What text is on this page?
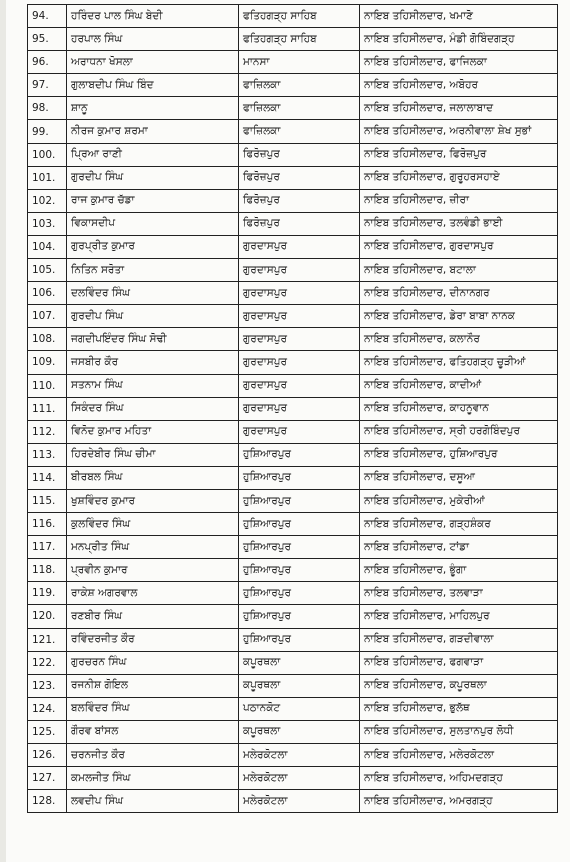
94.	ਹਰਿੰਦਰ ਪਾਲ ਸਿੰਘ ਬੇਦੀ	ਫਤਿਹਗੜ੍ਹ ਸਾਹਿਬ	ਨਾਇਬ ਤਹਿਸੀਲਦਾਰ, ਖਮਾਣੋ
95.	ਹਰਪਾਲ ਸਿੰਘ	ਫਤਿਹਗੜ੍ਹ ਸਾਹਿਬ	ਨਾਇਬ ਤਹਿਸੀਲਦਾਰ, ਮੰਡੀ ਗੋਬਿੰਦਗੜ੍ਹ
96.	ਅਰਾਧਨਾ ਖੋਸਲਾ	ਮਾਨਸਾ	ਨਾਇਬ ਤਹਿਸੀਲਦਾਰ, ਫਾਜਿਲਕਾ
97.	ਗੁਲਾਬਦੀਪ ਸਿੰਘ ਬਿੰਦ	ਫਾਜ਼ਿਲਕਾ	ਨਾਇਬ ਤਹਿਸੀਲਦਾਰ, ਅਬੋਹਰ
98.	ਸ਼ਾਨੂ	ਫਾਜ਼ਿਲਕਾ	ਨਾਇਬ ਤਹਿਸੀਲਦਾਰ, ਜਲਾਲਾਬਾਦ
99.	ਨੀਰਜ ਕੁਮਾਰ ਸ਼ਰਮਾ	ਫਾਜ਼ਿਲਕਾ	ਨਾਇਬ ਤਹਿਸੀਲਦਾਰ, ਅਰਨੀਵਾਲਾ ਸ਼ੇਖ ਸੁਭਾਂ
100.	ਪ੍ਰਿਆ ਰਾਣੀ	ਫਿਰੋਜ਼ਪੁਰ	ਨਾਇਬ ਤਹਿਸੀਲਦਾਰ, ਫਿਰੋਜ਼ਪੁਰ
101.	ਗੁਰਦੀਪ ਸਿੰਘ	ਫਿਰੋਜ਼ਪੁਰ	ਨਾਇਬ ਤਹਿਸੀਲਦਾਰ, ਗੁਰੂਹਰਸਹਾਏ
102.	ਰਾਜ ਕੁਮਾਰ ਚੱਡਾ	ਫਿਰੋਜ਼ਪੁਰ	ਨਾਇਬ ਤਹਿਸੀਲਦਾਰ, ਜ਼ੀਰਾ
103.	ਵਿਕਾਸਦੀਪ	ਫਿਰੋਜ਼ਪੁਰ	ਨਾਇਬ ਤਹਿਸੀਲਦਾਰ, ਤਲਵੰਡੀ ਭਾਈ
104.	ਗੁਰਪ੍ਰੀਤ ਕੁਮਾਰ	ਗੁਰਦਾਸਪੁਰ	ਨਾਇਬ ਤਹਿਸੀਲਦਾਰ, ਗੁਰਦਾਸਪੁਰ
105.	ਨਿਤਿਨ ਸਰੋਤਾ	ਗੁਰਦਾਸਪੁਰ	ਨਾਇਬ ਤਹਿਸੀਲਦਾਰ, ਬਟਾਲਾ
106.	ਦਲਵਿੰਦਰ ਸਿੰਘ	ਗੁਰਦਾਸਪੁਰ	ਨਾਇਬ ਤਹਿਸੀਲਦਾਰ, ਦੀਨਾਨਗਰ
107.	ਗੁਰਦੀਪ ਸਿੰਘ	ਗੁਰਦਾਸਪੁਰ	ਨਾਇਬ ਤਹਿਸੀਲਦਾਰ, ਡੇਰਾ ਬਾਬਾ ਨਾਨਕ
108.	ਜਗਦੀਪਇੰਦਰ ਸਿੰਘ ਸੋਢੀ	ਗੁਰਦਾਸਪੁਰ	ਨਾਇਬ ਤਹਿਸੀਲਦਾਰ, ਕਲਾਨੌਰ
109.	ਜਸਬੀਰ ਕੌਰ	ਗੁਰਦਾਸਪੁਰ	ਨਾਇਬ ਤਹਿਸੀਲਦਾਰ, ਫਤਿਹਗੜ੍ਹ ਚੂੜੀਆਂ
110.	ਸਤਨਾਮ ਸਿੰਘ	ਗੁਰਦਾਸਪੁਰ	ਨਾਇਬ ਤਹਿਸੀਲਦਾਰ, ਕਾਦੀਆਂ
111.	ਸਿਕੰਦਰ ਸਿੰਘ	ਗੁਰਦਾਸਪੁਰ	ਨਾਇਬ ਤਹਿਸੀਲਦਾਰ, ਕਾਹਨੂਵਾਨ
112.	ਵਿਨੋਦ ਕੁਮਾਰ ਮਹਿਤਾ	ਗੁਰਦਾਸਪੁਰ	ਨਾਇਬ ਤਹਿਸੀਲਦਾਰ, ਸ੍ਰੀ ਹਰਗੋਬਿੰਦਪੁਰ
113.	ਹਿਰਦੇਬੀਰ ਸਿੰਘ ਚੀਮਾ	ਹੁਸ਼ਿਆਰਪੁਰ	ਨਾਇਬ ਤਹਿਸੀਲਦਾਰ, ਹੁਸ਼ਿਆਰਪੁਰ
114.	ਬੀਰਬਲ ਸਿੰਘ	ਹੁਸ਼ਿਆਰਪੁਰ	ਨਾਇਬ ਤਹਿਸੀਲਦਾਰ, ਦਸੂਆ
115.	ਖੁਸ਼ਵਿੰਦਰ ਕੁਮਾਰ	ਹੁਸ਼ਿਆਰਪੁਰ	ਨਾਇਬ ਤਹਿਸੀਲਦਾਰ, ਮੁਕੇਰੀਆਂ
116.	ਕੁਲਵਿੰਦਰ ਸਿੰਘ	ਹੁਸ਼ਿਆਰਪੁਰ	ਨਾਇਬ ਤਹਿਸੀਲਦਾਰ, ਗੜ੍ਹਸ਼ੰਕਰ
117.	ਮਨਪ੍ਰੀਤ ਸਿੰਘ	ਹੁਸ਼ਿਆਰਪੁਰ	ਨਾਇਬ ਤਹਿਸੀਲਦਾਰ, ਟਾਂਡਾ
118.	ਪ੍ਰਵੀਨ ਕੁਮਾਰ	ਹੁਸ਼ਿਆਰਪੁਰ	ਨਾਇਬ ਤਹਿਸੀਲਦਾਰ, ਭੂੰਗਾ
119.	ਰਾਕੇਸ਼ ਅਗਰਵਾਲ	ਹੁਸ਼ਿਆਰਪੁਰ	ਨਾਇਬ ਤਹਿਸੀਲਦਾਰ, ਤਲਵਾੜਾ
120.	ਰਣਬੀਰ ਸਿੰਘ	ਹੁਸ਼ਿਆਰਪੁਰ	ਨਾਇਬ ਤਹਿਸੀਲਦਾਰ, ਮਾਹਿਲਪੁਰ
121.	ਰਵਿੰਦਰਜੀਤ ਕੌਰ	ਹੁਸ਼ਿਆਰਪੁਰ	ਨਾਇਬ ਤਹਿਸੀਲਦਾਰ, ਗੜਦੀਵਾਲਾ
122.	ਗੁਰਚਰਨ ਸਿੰਘ	ਕਪੂਰਥਲਾ	ਨਾਇਬ ਤਹਿਸੀਲਦਾਰ, ਫਗਵਾੜਾ
123.	ਰਜਨੀਸ਼ ਗੋਇਲ	ਕਪੂਰਥਲਾ	ਨਾਇਬ ਤਹਿਸੀਲਦਾਰ, ਕਪੂਰਥਲਾ
124.	ਬਲਵਿੰਦਰ ਸਿੰਘ	ਪਠਾਨਕੋਟ	ਨਾਇਬ ਤਹਿਸੀਲਦਾਰ, ਭੁਲੱਥ
125.	ਗੌਰਵ ਬਾਂਸਲ	ਕਪੂਰਥਲਾ	ਨਾਇਬ ਤਹਿਸੀਲਦਾਰ, ਸੁਲਤਾਨਪੁਰ ਲੋਧੀ
126.	ਚਰਨਜੀਤ ਕੌਰ	ਮਲੇਰਕੋਟਲਾ	ਨਾਇਬ ਤਹਿਸੀਲਦਾਰ, ਮਲੇਰਕੋਟਲਾ
127.	ਕਮਲਜੀਤ ਸਿੰਘ	ਮਲੇਰਕੋਟਲਾ	ਨਾਇਬ ਤਹਿਸੀਲਦਾਰ, ਅਹਿਮਦਗੜ੍ਹ
128.	ਲਵਦੀਪ ਸਿੰਘ	ਮਲੇਰਕੋਟਲਾ	ਨਾਇਬ ਤਹਿਸੀਲਦਾਰ, ਅਮਰਗੜ੍ਹ
